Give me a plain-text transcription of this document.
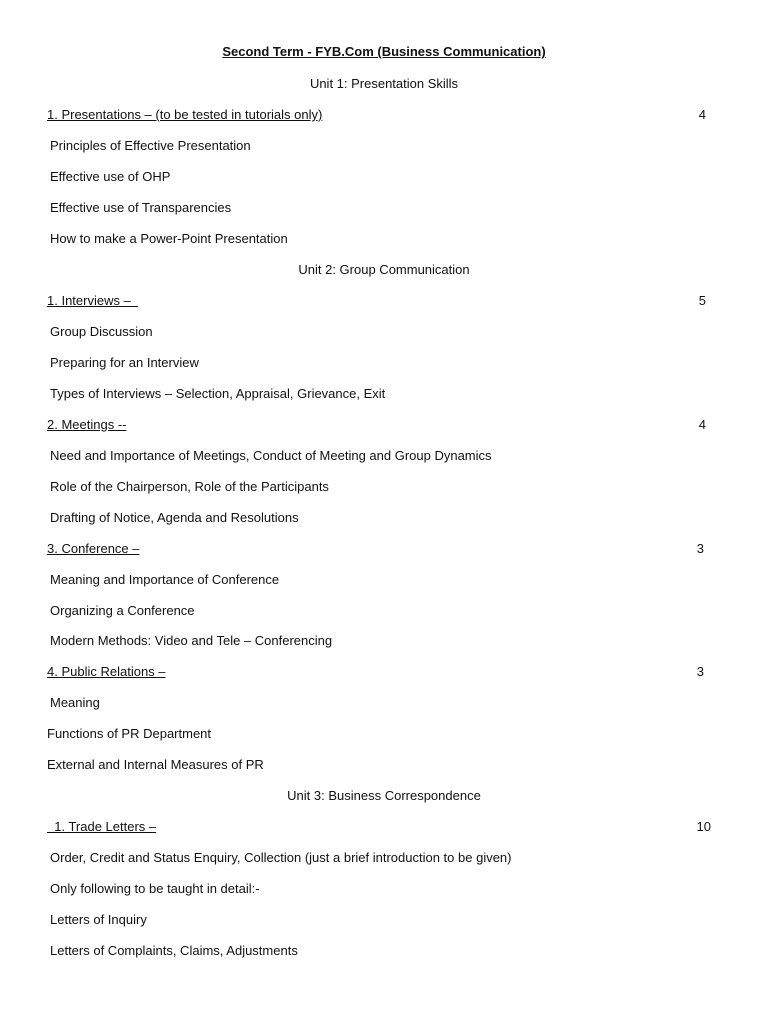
Second Term - FYB.Com (Business Communication)
Unit 1: Presentation Skills
1. Presentations – (to be tested in tutorials only)	4
Principles of Effective Presentation
Effective use of OHP
Effective use of Transparencies
How to make a Power-Point Presentation
Unit 2: Group Communication
1. Interviews –	5
Group Discussion
Preparing for an Interview
Types of Interviews – Selection, Appraisal, Grievance, Exit
2. Meetings --	4
Need and Importance of Meetings, Conduct of Meeting and Group Dynamics
Role of the Chairperson, Role of the Participants
Drafting of Notice, Agenda and Resolutions
3. Conference –	3
Meaning and Importance of Conference
Organizing a Conference
Modern Methods: Video and Tele – Conferencing
4. Public Relations –	3
Meaning
Functions of PR Department
External and Internal Measures of PR
Unit 3: Business Correspondence
1. Trade Letters –	10
Order, Credit and Status Enquiry, Collection (just a brief introduction to be given)
Only following to be taught in detail:-
Letters of Inquiry
Letters of Complaints, Claims, Adjustments
